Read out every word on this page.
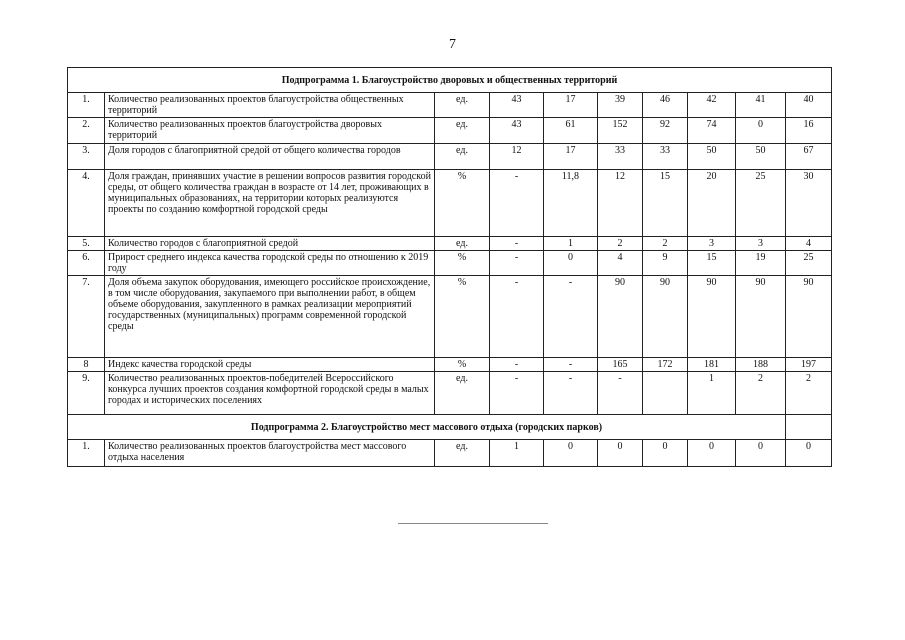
7
Подпрограмма 1. Благоустройство дворовых и общественных территорий									
1.	Количество реализованных проектов благоустройства общественных территорий	ед.	43	17	39	46	42	41	40
2.	Количество реализованных проектов благоустройства дворовых территорий	ед.	43	61	152	92	74	0	16
3.	Доля городов с благоприятной средой от общего количества городов	ед.	12	17	33	33	50	50	67
4.	Доля граждан, принявших участие в решении вопросов развития городской среды, от общего количества граждан в возрасте от 14 лет, проживающих в муниципальных образованиях, на территории которых реализуются проекты по созданию комфортной городской среды	%	-	11,8	12	15	20	25	30
5.	Количество городов с благоприятной средой	ед.	-	1	2	2	3	3	4
6.	Прирост среднего индекса качества городской среды по отношению к 2019 году	%	-	0	4	9	15	19	25
7.	Доля объема закупок оборудования, имеющего российское происхождение, в том числе оборудования, закупаемого при выполнении работ, в общем объеме оборудования, закупленного в рамках реализации мероприятий государственных (муниципальных) программ современной городской среды	%	-	-	90	90	90	90	90
8	Индекс качества городской среды	%	-	-	165	172	181	188	197
9.	Количество реализованных проектов-победителей Всероссийского конкурса лучших проектов создания комфортной городской среды в малых городах и исторических поселениях	ед.	-	-	-		1	2	2
Подпрограмма 2. Благоустройство мест массового отдыха (городских парков)									
1.	Количество реализованных проектов благоустройства мест массового отдыха населения	ед.	1	0	0	0	0	0	0
